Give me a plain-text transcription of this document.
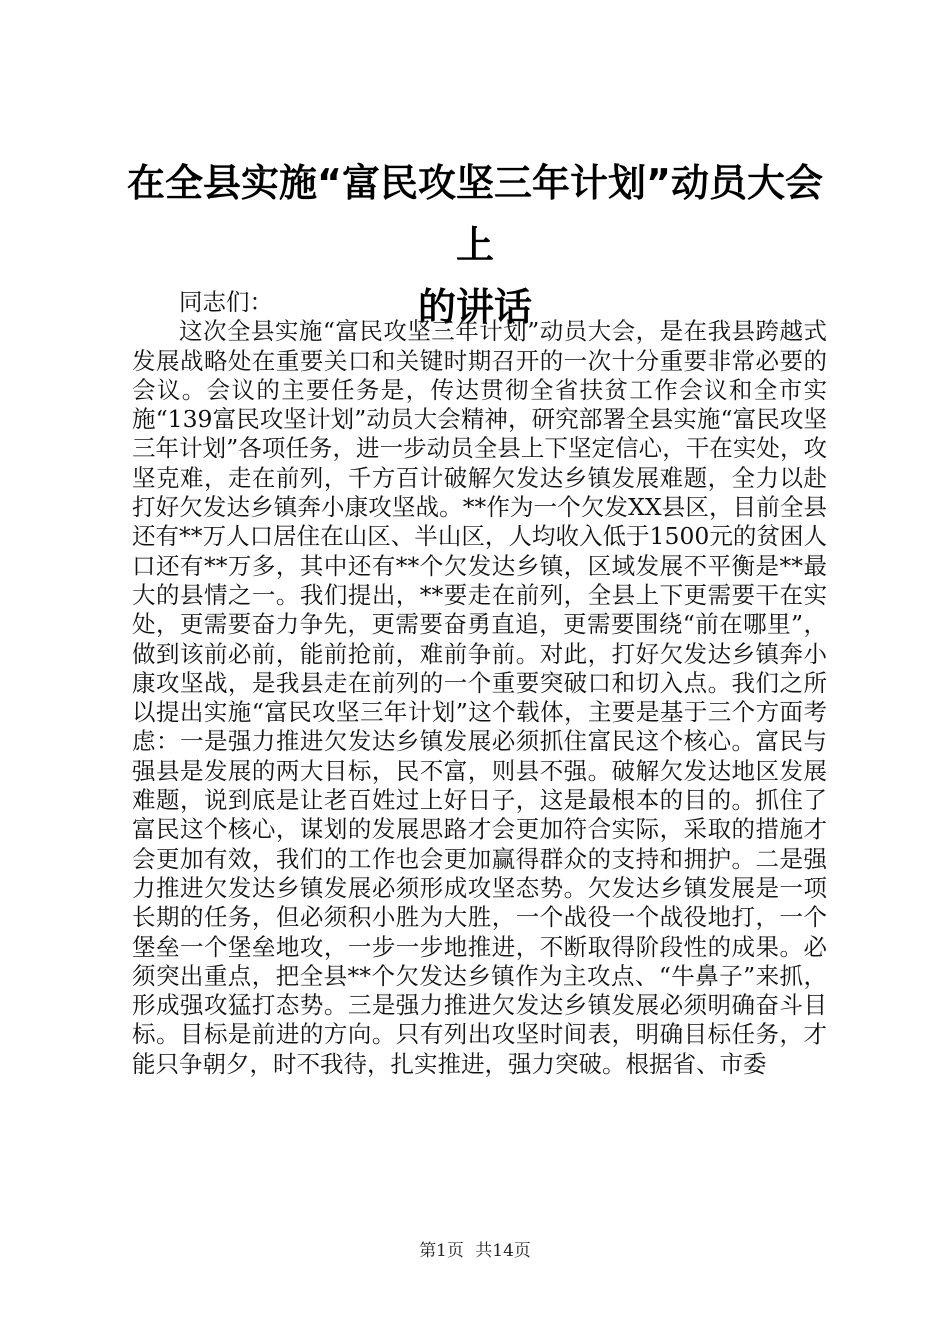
在全县实施“富民攻坚三年计划”动员大会上
的讲话

同志们：

这次全县实施“富民攻坚三年计划”动员大会，是在我县跨越式发展战略处在重要关口和关键时期召开的一次十分重要非常必要的会议。会议的主要任务是，传达贯彻全省扶贫工作会议和全市实施“139富民攻坚计划”动员大会精神，研究部署全县实施“富民攻坚三年计划”各项任务，进一步动员全县上下坚定信心，干在实处，攻坚克难，走在前列，千方百计破解欠发达乡镇发展难题，全力以赴打好欠发达乡镇奔小康攻坚战。**作为一个欠发XX县区，目前全县还有**万人口居住在山区、半山区，人均收入低于1500元的贫困人口还有**万多，其中还有**个欠发达乡镇，区域发展不平衡是**最大的县情之一。我们提出，**要走在前列，全县上下更需要干在实处，更需要奋力争先，更需要奋勇直追，更需要围绕“前在哪里”，做到该前必前，能前抢前，难前争前。对此，打好欠发达乡镇奔小康攻坚战，是我县走在前列的一个重要突破口和切入点。我们之所以提出实施“富民攻坚三年计划”这个载体，主要是基于三个方面考虑：一是强力推进欠发达乡镇发展必须抓住富民这个核心。富民与强县是发展的两大目标，民不富，则县不强。破解欠发达地区发展难题，说到底是让老百姓过上好日子，这是最根本的目的。抓住了富民这个核心，谋划的发展思路才会更加符合实际，采取的措施才会更加有效，我们的工作也会更加赢得群众的支持和拥护。二是强力推进欠发达乡镇发展必须形成攻坚态势。欠发达乡镇发展是一项长期的任务，但必须积小胜为大胜，一个战役一个战役地打，一个堡垒一个堡垒地攻，一步一步地推进，不断取得阶段性的成果。必须突出重点，把全县**个欠发达乡镇作为主攻点、“牛鼻子”来抓，形成强攻猛打态势。三是强力推进欠发达乡镇发展必须明确奋斗目标。目标是前进的方向。只有列出攻坚时间表，明确目标任务，才能只争朝夕，时不我待，扎实推进，强力突破。根据省、市委

第1页 共14页
